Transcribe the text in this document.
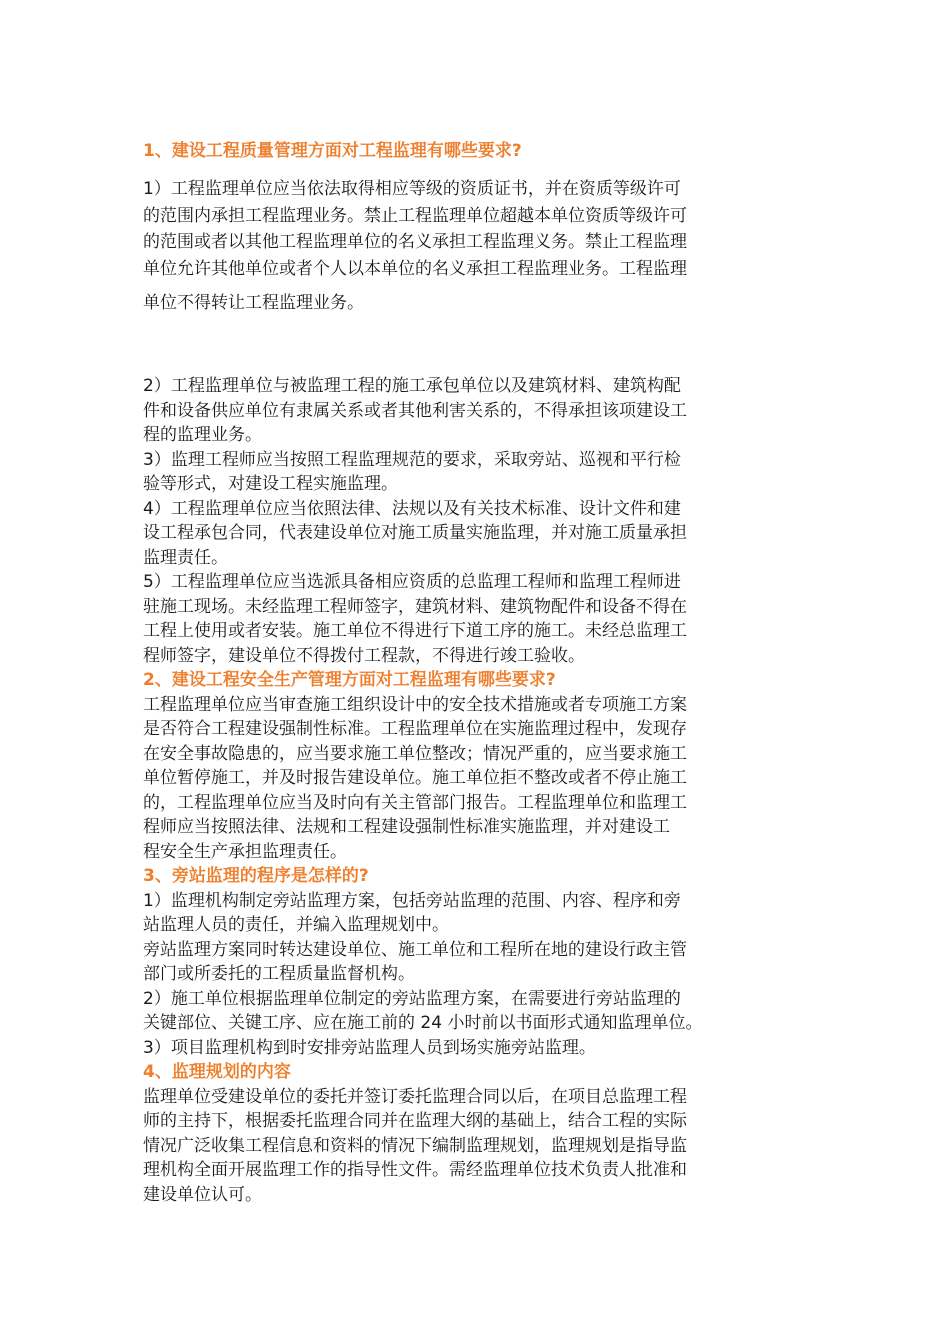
1、建设工程质量管理方面对工程监理有哪些要求?
1）工程监理单位应当依法取得相应等级的资质证书，并在资质等级许可
的范围内承担工程监理业务。禁止工程监理单位超越本单位资质等级许可
的范围或者以其他工程监理单位的名义承担工程监理义务。禁止工程监理
单位允许其他单位或者个人以本单位的名义承担工程监理业务。工程监理
单位不得转让工程监理业务。
2）工程监理单位与被监理工程的施工承包单位以及建筑材料、建筑构配
件和设备供应单位有隶属关系或者其他利害关系的，不得承担该项建设工
程的监理业务。
3）监理工程师应当按照工程监理规范的要求，采取旁站、巡视和平行检
验等形式，对建设工程实施监理。
4）工程监理单位应当依照法律、法规以及有关技术标准、设计文件和建
设工程承包合同，代表建设单位对施工质量实施监理，并对施工质量承担
监理责任。
5）工程监理单位应当选派具备相应资质的总监理工程师和监理工程师进
驻施工现场。未经监理工程师签字，建筑材料、建筑物配件和设备不得在
工程上使用或者安装。施工单位不得进行下道工序的施工。未经总监理工
程师签字，建设单位不得拨付工程款，不得进行竣工验收。
2、建设工程安全生产管理方面对工程监理有哪些要求?
工程监理单位应当审查施工组织设计中的安全技术措施或者专项施工方案
是否符合工程建设强制性标准。工程监理单位在实施监理过程中，发现存
在安全事故隐患的，应当要求施工单位整改；情况严重的，应当要求施工
单位暂停施工，并及时报告建设单位。施工单位拒不整改或者不停止施工
的，工程监理单位应当及时向有关主管部门报告。工程监理单位和监理工
程师应当按照法律、法规和工程建设强制性标准实施监理，并对建设工
程安全生产承担监理责任。
3、旁站监理的程序是怎样的?
1）监理机构制定旁站监理方案，包括旁站监理的范围、内容、程序和旁
站监理人员的责任，并编入监理规划中。
旁站监理方案同时转达建设单位、施工单位和工程所在地的建设行政主管
部门或所委托的工程质量监督机构。
2）施工单位根据监理单位制定的旁站监理方案，在需要进行旁站监理的
关键部位、关键工序、应在施工前的 24 小时前以书面形式通知监理单位。
3）项目监理机构到时安排旁站监理人员到场实施旁站监理。
4、监理规划的内容
监理单位受建设单位的委托并签订委托监理合同以后，在项目总监理工程
师的主持下，根据委托监理合同并在监理大纲的基础上，结合工程的实际
情况广泛收集工程信息和资料的情况下编制监理规划，监理规划是指导监
理机构全面开展监理工作的指导性文件。需经监理单位技术负责人批准和
建设单位认可。
